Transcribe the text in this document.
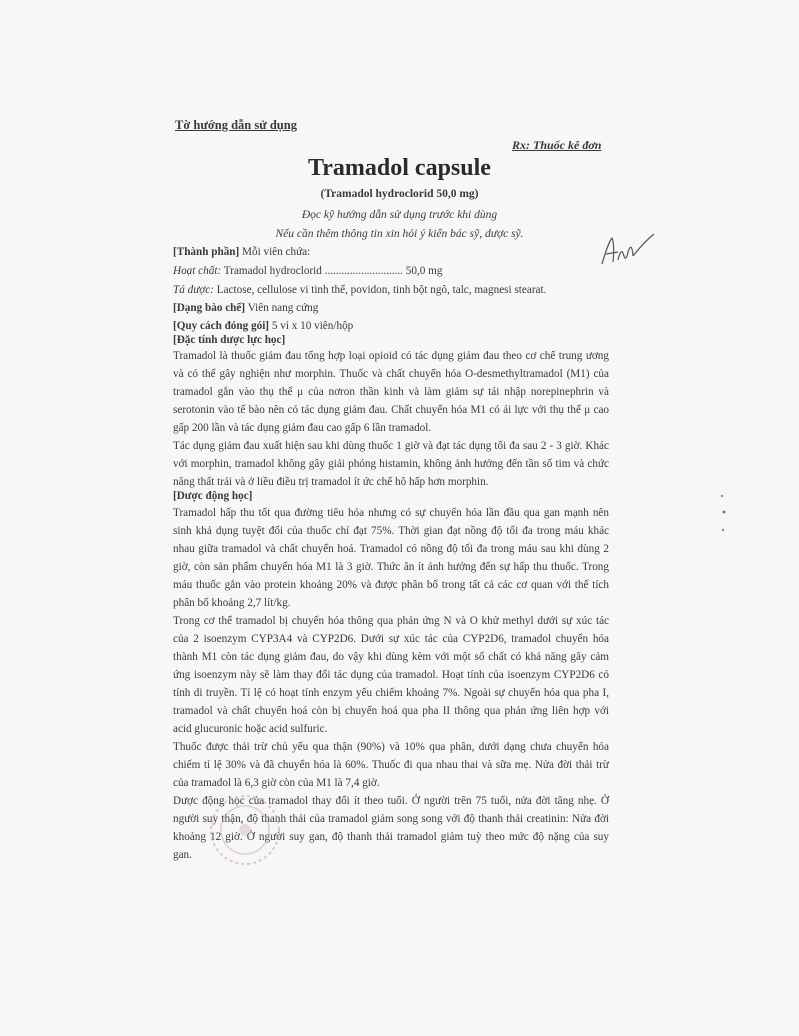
Tờ hướng dẫn sử dụng
Rx: Thuốc kê đơn
Tramadol capsule
(Tramadol hydroclorid 50,0 mg)
Đọc kỹ hướng dẫn sử dụng trước khi dùng
Nếu cần thêm thông tin xin hỏi ý kiến bác sỹ, dược sỹ.
[Thành phần] Mỗi viên chứa:
Hoạt chất: Tramadol hydroclorid ............................ 50,0 mg
Tá dược: Lactose, cellulose vi tinh thể, povidon, tinh bột ngô, talc, magnesi stearat.
[Dạng bào chế] Viên nang cứng
[Quy cách đóng gói] 5 vỉ x 10 viên/hộp
[Đặc tính dược lực học]
Tramadol là thuốc giảm đau tổng hợp loại opioid có tác dụng giảm đau theo cơ chế trung ương
và có thể gây nghiện như morphin. Thuốc và chất chuyển hóa O-desmethyltramadol (M1) của
tramadol gắn vào thụ thể μ của nơron thần kinh và làm giảm sự tái nhập norepinephrin và
serotonin vào tế bào nên có tác dụng giảm đau. Chất chuyển hóa M1 có ái lực với thụ thể μ cao
gấp 200 lần và tác dụng giảm đau cao gấp 6 lần tramadol.
Tác dụng giảm đau xuất hiện sau khi dùng thuốc 1 giờ và đạt tác dụng tối đa sau 2 - 3 giờ. Khác
với morphin, tramadol không gây giải phóng histamin, không ảnh hưởng đến tần số tim và chức
năng thất trái và ở liều điều trị tramadol ít ức chế hô hấp hơn morphin.
[Dược động học]
Tramadol hấp thu tốt qua đường tiêu hóa nhưng có sự chuyển hóa lần đầu qua gan mạnh nên
sinh khả dụng tuyệt đối của thuốc chỉ đạt 75%. Thời gian đạt nồng độ tối đa trong máu khác
nhau giữa tramadol và chất chuyển hoá. Tramadol có nồng độ tối đa trong máu sau khi dùng 2
giờ, còn sản phẩm chuyển hóa M1 là 3 giờ. Thức ăn ít ảnh hưởng đến sự hấp thu thuốc. Trong
máu thuốc gắn vào protein khoảng 20% và được phân bố trong tất cả các cơ quan với thể tích
phân bố khoảng 2,7 lít/kg.
Trong cơ thể tramadol bị chuyển hóa thông qua phản ứng N và O khử methyl dưới sự xúc tác
của 2 isoenzym CYP3A4 và CYP2D6. Dưới sự xúc tác của CYP2D6, tramadol chuyển hóa
thành M1 còn tác dụng giảm đau, do vậy khi dùng kèm với một số chất có khả năng gây cảm
ứng isoenzym này sẽ làm thay đổi tác dụng của tramadol. Hoạt tính của isoenzym CYP2D6 có
tính di truyền. Tỉ lệ có hoạt tính enzym yếu chiếm khoảng 7%. Ngoài sự chuyển hóa qua pha I,
tramadol và chất chuyển hoá còn bị chuyển hoá qua pha II thông qua phản ứng liên hợp với
acid glucuronic hoặc acid sulfuric.
Thuốc được thải trừ chủ yếu qua thận (90%) và 10% qua phân, dưới dạng chưa chuyển hóa
chiếm tỉ lệ 30% và đã chuyển hóa là 60%. Thuốc đi qua nhau thai và sữa mẹ. Nửa đời thải trừ
của tramadol là 6,3 giờ còn của M1 là 7,4 giờ.
Dược động học của tramadol thay đổi ít theo tuổi. Ở người trên 75 tuổi, nửa đời tăng nhẹ. Ở
người suy thận, độ thanh thải của tramadol giảm song song với độ thanh thải creatinin: Nửa đời
khoảng 12 giờ. Ở người suy gan, độ thanh thải tramadol giảm tuỳ theo mức độ nặng của suy
gan.
